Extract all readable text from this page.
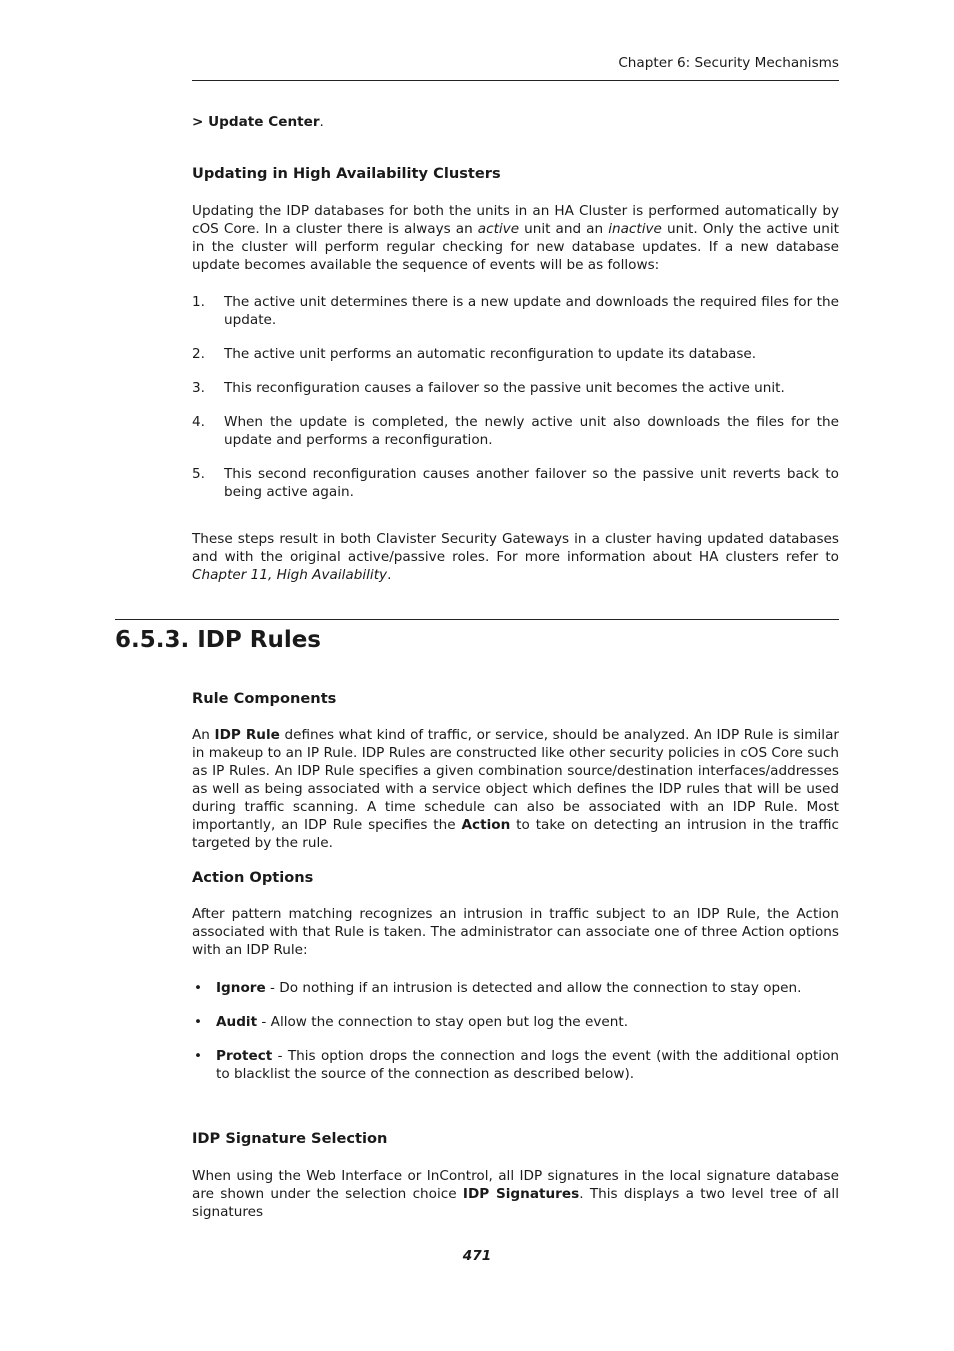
Chapter 6: Security Mechanisms
> Update Center.
Updating in High Availability Clusters
Updating the IDP databases for both the units in an HA Cluster is performed automatically by cOS Core. In a cluster there is always an active unit and an inactive unit. Only the active unit in the cluster will perform regular checking for new database updates. If a new database update becomes available the sequence of events will be as follows:
1. The active unit determines there is a new update and downloads the required files for the update.
2. The active unit performs an automatic reconfiguration to update its database.
3. This reconfiguration causes a failover so the passive unit becomes the active unit.
4. When the update is completed, the newly active unit also downloads the files for the update and performs a reconfiguration.
5. This second reconfiguration causes another failover so the passive unit reverts back to being active again.
These steps result in both Clavister Security Gateways in a cluster having updated databases and with the original active/passive roles. For more information about HA clusters refer to Chapter 11, High Availability.
6.5.3. IDP Rules
Rule Components
An IDP Rule defines what kind of traffic, or service, should be analyzed. An IDP Rule is similar in makeup to an IP Rule. IDP Rules are constructed like other security policies in cOS Core such as IP Rules. An IDP Rule specifies a given combination source/destination interfaces/addresses as well as being associated with a service object which defines the IDP rules that will be used during traffic scanning. A time schedule can also be associated with an IDP Rule. Most importantly, an IDP Rule specifies the Action to take on detecting an intrusion in the traffic targeted by the rule.
Action Options
After pattern matching recognizes an intrusion in traffic subject to an IDP Rule, the Action associated with that Rule is taken. The administrator can associate one of three Action options with an IDP Rule:
• Ignore - Do nothing if an intrusion is detected and allow the connection to stay open.
• Audit - Allow the connection to stay open but log the event.
• Protect - This option drops the connection and logs the event (with the additional option to blacklist the source of the connection as described below).
IDP Signature Selection
When using the Web Interface or InControl, all IDP signatures in the local signature database are shown under the selection choice IDP Signatures. This displays a two level tree of all signatures
471
